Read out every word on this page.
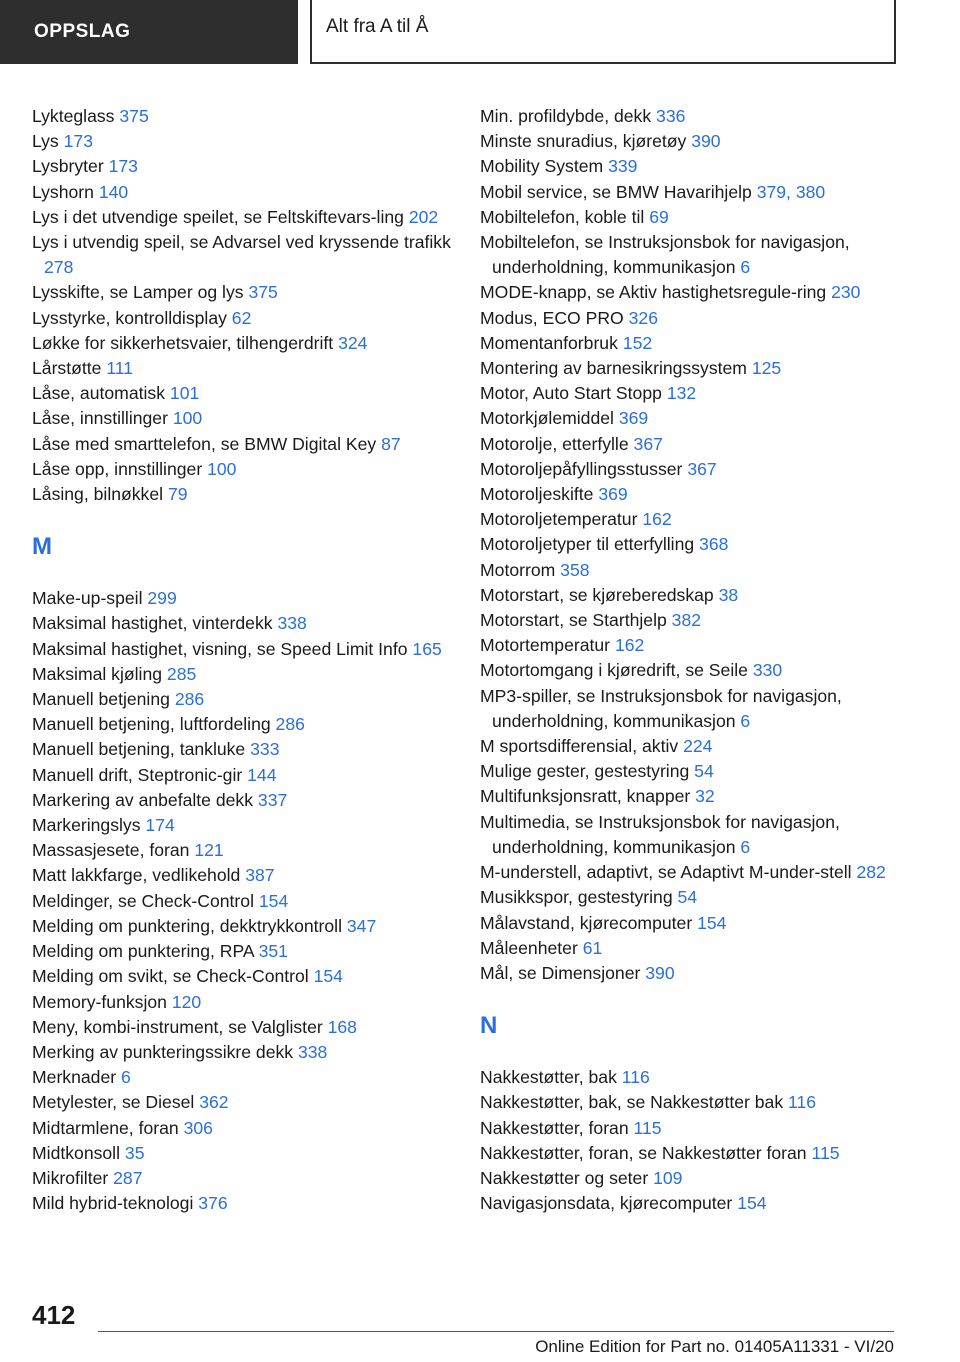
OPPSLAG	Alt fra A til Å
Lykteglass 375
Lys 173
Lysbryter 173
Lyshorn 140
Lys i det utvendige speilet, se Feltskiftevars-ling 202
Lys i utvendig speil, se Advarsel ved kryssende trafikk 278
Lysskifte, se Lamper og lys 375
Lysstyrke, kontrolldisplay 62
Løkke for sikkerhetsvaier, tilhengerdrift 324
Lårstøtte 111
Låse, automatisk 101
Låse, innstillinger 100
Låse med smarttelefon, se BMW Digital Key 87
Låse opp, innstillinger 100
Låsing, bilnøkkel 79
M
Make-up-speil 299
Maksimal hastighet, vinterdekk 338
Maksimal hastighet, visning, se Speed Limit Info 165
Maksimal kjøling 285
Manuell betjening 286
Manuell betjening, luftfordeling 286
Manuell betjening, tankluke 333
Manuell drift, Steptronic-gir 144
Markering av anbefalte dekk 337
Markeringslys 174
Massasjesete, foran 121
Matt lakkfarge, vedlikehold 387
Meldinger, se Check-Control 154
Melding om punktering, dekktrykkontroll 347
Melding om punktering, RPA 351
Melding om svikt, se Check-Control 154
Memory-funksjon 120
Meny, kombi-instrument, se Valglister 168
Merking av punkteringssikre dekk 338
Merknader 6
Metylester, se Diesel 362
Midtarmlene, foran 306
Midtkonsoll 35
Mikrofilter 287
Mild hybrid-teknologi 376
Min. profildybde, dekk 336
Minste snuradius, kjøretøy 390
Mobility System 339
Mobil service, se BMW Havarihjelp 379, 380
Mobiltelefon, koble til 69
Mobiltelefon, se Instruksjonsbok for navigasjon, underholdning, kommunikasjon 6
MODE-knapp, se Aktiv hastighetsregule-ring 230
Modus, ECO PRO 326
Momentanforbruk 152
Montering av barnesikringssystem 125
Motor, Auto Start Stopp 132
Motorkjølemiddel 369
Motorolje, etterfylle 367
Motoroljepåfyllingsstusser 367
Motoroljeskifte 369
Motoroljetemperatur 162
Motoroljetyper til etterfylling 368
Motorrom 358
Motorstart, se kjøreberedskap 38
Motorstart, se Starthjelp 382
Motortemperatur 162
Motortomgang i kjøredrift, se Seile 330
MP3-spiller, se Instruksjonsbok for navigasjon, underholdning, kommunikasjon 6
M sportsdifferensial, aktiv 224
Mulige gester, gestestyring 54
Multifunksjonsratt, knapper 32
Multimedia, se Instruksjonsbok for navigasjon, underholdning, kommunikasjon 6
M-understell, adaptivt, se Adaptivt M-under-stell 282
Musikkspor, gestestyring 54
Målavstand, kjørecomputer 154
Måleenheter 61
Mål, se Dimensjoner 390
N
Nakkestøtter, bak 116
Nakkestøtter, bak, se Nakkestøtter bak 116
Nakkestøtter, foran 115
Nakkestøtter, foran, se Nakkestøtter foran 115
Nakkestøtter og seter 109
Navigasjonsdata, kjørecomputer 154
412
Online Edition for Part no. 01405A11331 - VI/20
